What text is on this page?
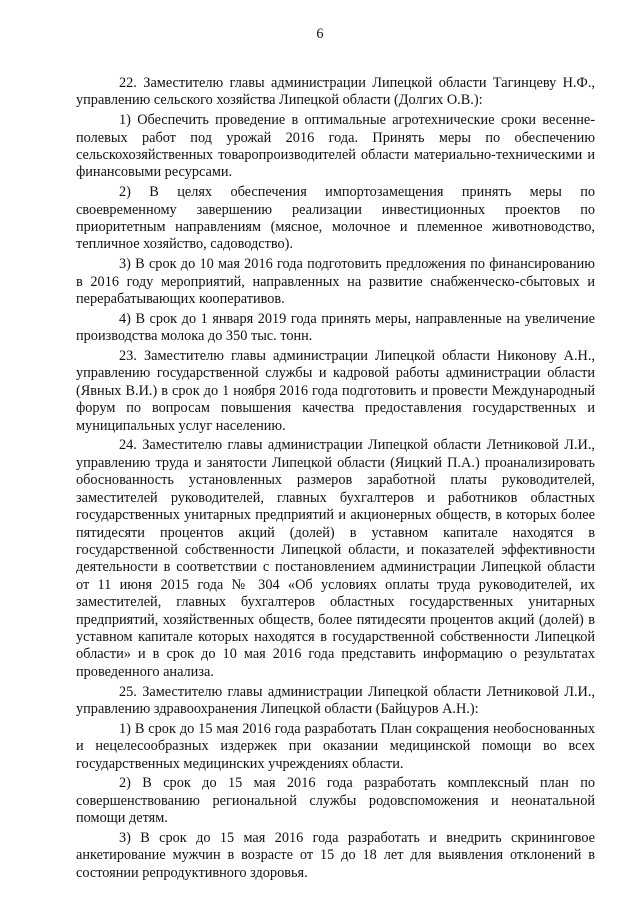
6

22. Заместителю главы администрации Липецкой области Тагинцеву Н.Ф., управлению сельского хозяйства Липецкой области (Долгих О.В.):

1) Обеспечить проведение в оптимальные агротехнические сроки весенне-полевых работ под урожай 2016 года. Принять меры по обеспечению сельскохозяйственных товаропроизводителей области материально-техническими и финансовыми ресурсами.

2) В целях обеспечения импортозамещения принять меры по своевременному завершению реализации инвестиционных проектов по приоритетным направлениям (мясное, молочное и племенное животноводство, тепличное хозяйство, садоводство).

3) В срок до 10 мая 2016 года подготовить предложения по финансированию в 2016 году мероприятий, направленных на развитие снабженческо-сбытовых и перерабатывающих кооперативов.

4) В срок до 1 января 2019 года принять меры, направленные на увеличение производства молока до 350 тыс. тонн.

23. Заместителю главы администрации Липецкой области Никонову А.Н., управлению государственной службы и кадровой работы администрации области (Явных В.И.) в срок до 1 ноября 2016 года подготовить и провести Международный форум по вопросам повышения качества предоставления государственных и муниципальных услуг населению.

24. Заместителю главы администрации Липецкой области Летниковой Л.И., управлению труда и занятости Липецкой области (Яицкий П.А.) проанализировать обоснованность установленных размеров заработной платы руководителей, заместителей руководителей, главных бухгалтеров и работников областных государственных унитарных предприятий и акционерных обществ, в которых более пятидесяти процентов акций (долей) в уставном капитале находятся в государственной собственности Липецкой области, и показателей эффективности деятельности в соответствии с постановлением администрации Липецкой области от 11 июня 2015 года № 304 «Об условиях оплаты труда руководителей, их заместителей, главных бухгалтеров областных государственных унитарных предприятий, хозяйственных обществ, более пятидесяти процентов акций (долей) в уставном капитале которых находятся в государственной собственности Липецкой области» и в срок до 10 мая 2016 года представить информацию о результатах проведенного анализа.

25. Заместителю главы администрации Липецкой области Летниковой Л.И., управлению здравоохранения Липецкой области (Байцуров А.Н.):

1) В срок до 15 мая 2016 года разработать План сокращения необоснованных и нецелесообразных издержек при оказании медицинской помощи во всех государственных медицинских учреждениях области.

2) В срок до 15 мая 2016 года разработать комплексный план по совершенствованию региональной службы родовспоможения и неонатальной помощи детям.

3) В срок до 15 мая 2016 года разработать и внедрить скрининговое анкетирование мужчин в возрасте от 15 до 18 лет для выявления отклонений в состоянии репродуктивного здоровья.
